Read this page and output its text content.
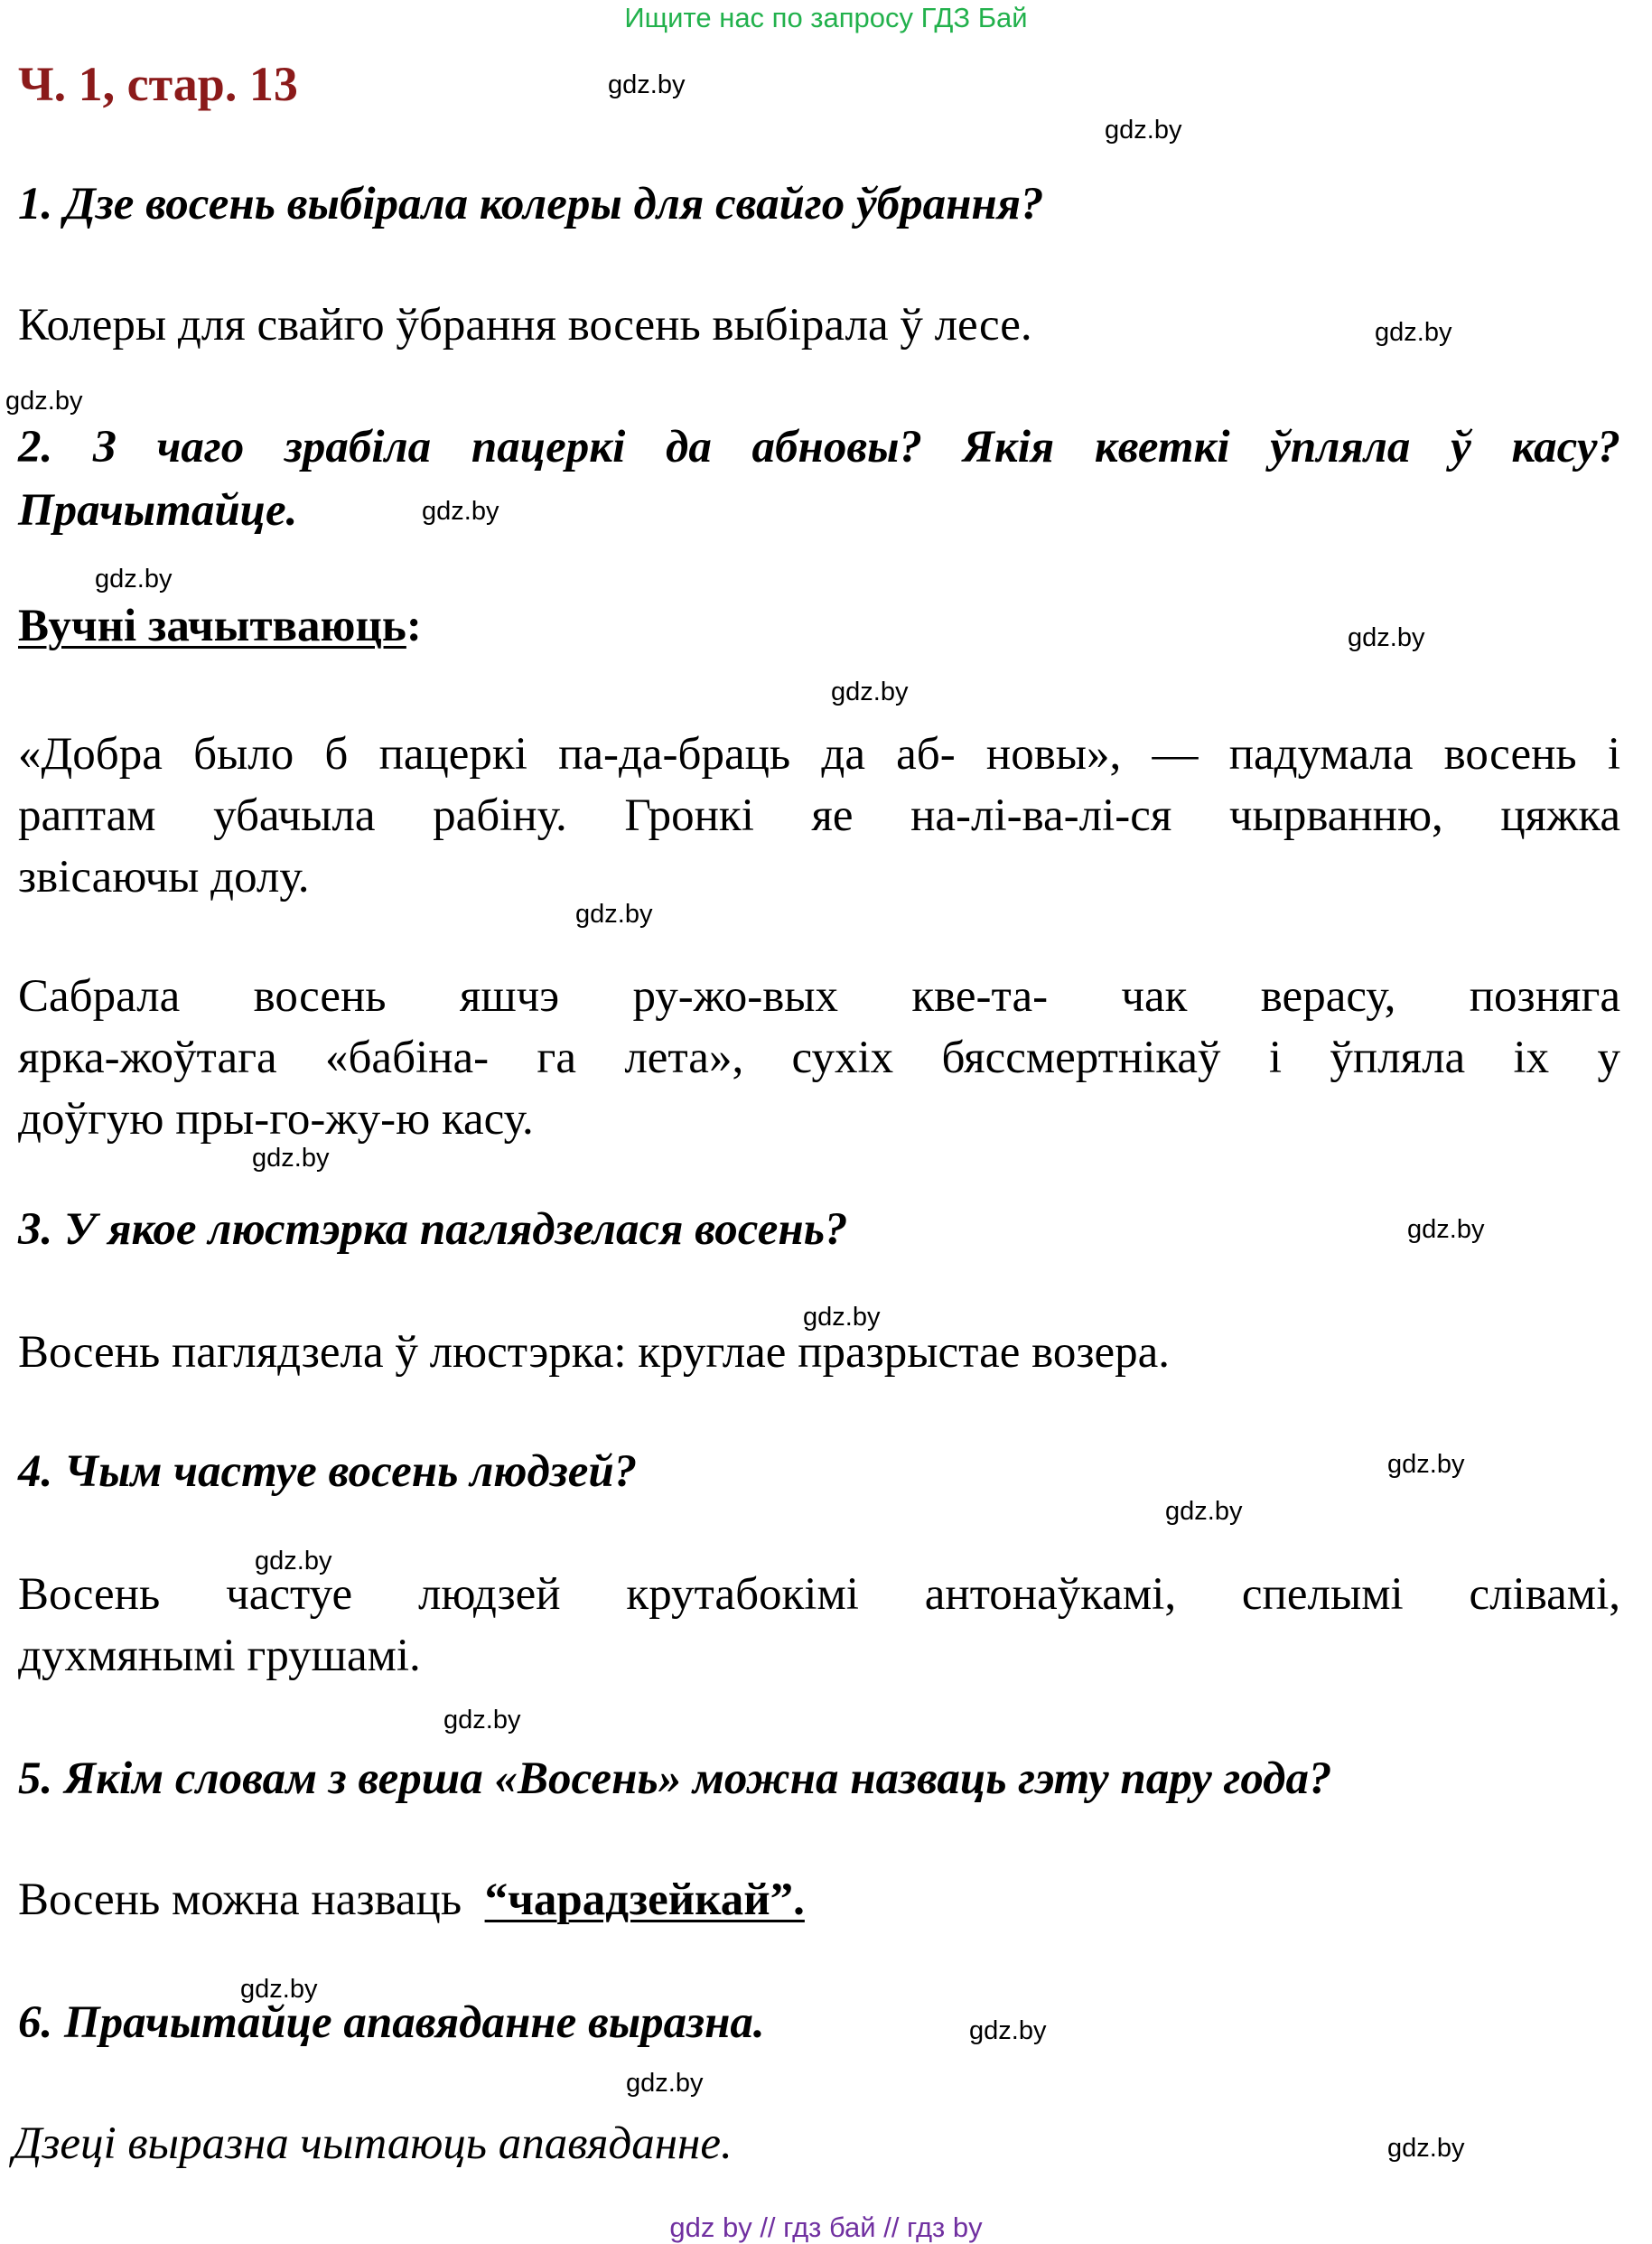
Ищите нас по запросу ГДЗ Бай
Ч. 1, стар. 13	gdz.by
gdz.by
gdz.by
gdz.by
gdz.by
gdz.by
gdz.by
gdz.by
gdz.by
gdz.by
gdz.by
gdz.by
gdz.by
gdz.by
gdz.by
gdz.by
gdz.by
gdz.by
gdz.by
gdz.by
1. Дзе восень выбірала колеры для свайго ўбрання?
Колеры для свайго ўбрання восень выбірала ў лесе.
2. З чаго зрабіла пацеркі да абновы? Якія кветкі ўпляла ў касу?
Прачытайце.
Вучні зачытваюць:
«Добра было б пацеркі па-да-браць да аб- новы», — падумала восень і
раптам убачыла рабіну. Гронкі яе на-лі-ва-лі-ся чырванню, цяжка
звісаючы долу.
Сабрала восень яшчэ ру-жо-вых кве-та- чак верасу, позняга
ярка-жоўтага «бабіна- га лета», сухіх бяссмертнікаў і ўпляла іх у
доўгую пры-го-жу-ю касу.
3. У якое люстэрка паглядзелася восень?
Восень паглядзела ў люстэрка: круглае празрыстае возера.
4. Чым частуе восень людзей?
Восень частуе людзей крутабокімі антонаўкамі, спелымі слівамі,
духмянымі грушамі.
5. Якім словам з верша «Восень» можна назваць гэту пару года?
Восень можна назваць “чарадзейкай”.
6. Прачытайце апавяданне выразна.
Дзеці выразна чытаюць апавяданне.
gdz by // гдз бай // гдз by
